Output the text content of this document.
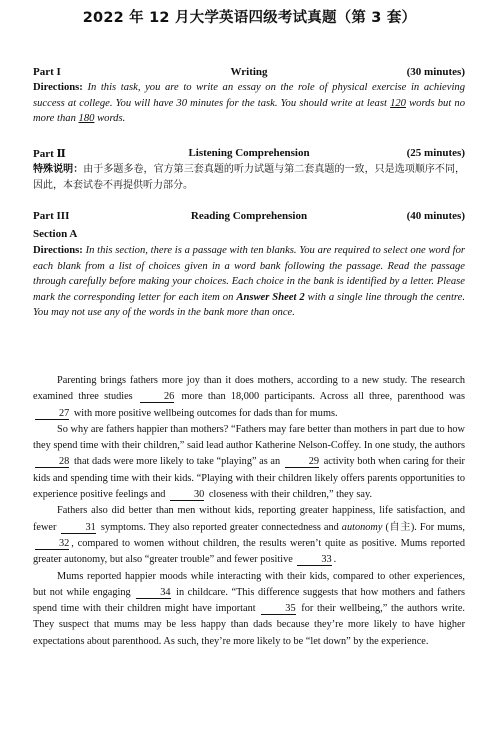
2022 年 12 月大学英语四级考试真题（第 3 套）
Part I	Writing	(30 minutes)
Directions: In this task, you are to write an essay on the role of physical exercise in achieving success at college. You will have 30 minutes for the task. You should write at least 120 words but no more than 180 words.
Part Ⅱ	Listening Comprehension	(25 minutes)
特殊说明：由于多题多卷，官方第三套真题的听力试题与第二套真题的一致，只是选项顺序不同，因此，本套试卷不再提供听力部分。
Part III	Reading Comprehension	(40 minutes)
Section A
Directions: In this section, there is a passage with ten blanks. You are required to select one word for each blank from a list of choices given in a word bank following the passage. Read the passage through carefully before making your choices. Each choice in the bank is identified by a letter. Please mark the corresponding letter for each item on Answer Sheet 2 with a single line through the centre. You may not use any of the words in the bank more than once.

Parenting brings fathers more joy than it does mothers, according to a new study. The research examined three studies	26 more than 18,000 participants. Across all three, parenthood was 27 with more positive wellbeing outcomes for dads than for mums.

So why are fathers happier than mothers? “Fathers may fare better than mothers in part due to how they spend time with their children,” said lead author Katherine Nelson-Coffey. In one study, the authors 28 that dads were more likely to take “playing” as an	29 activity both when caring for their kids and spending time with their kids. “Playing with their children likely offers parents opportunities to experience positive feelings and	30 closeness with their children,” they say.

Fathers also did better than men without kids, reporting greater happiness, life satisfaction, and fewer	31 symptoms. They also reported greater connectedness and autonomy (自主). For mums, 32 , compared to women without children, the results weren’t quite as positive. Mums reported greater autonomy, but also “greater trouble” and fewer positive	33 .

Mums reported happier moods while interacting with their kids, compared to other experiences, but not while engaging	34 in childcare. “This difference suggests that how mothers and fathers spend time with their children might have important	35 for their wellbeing,” the authors write. They suspect that mums may be less happy than dads because they’re more likely to have higher expectations about parenthood. As such, they’re more likely to be “let down” by the experience.
